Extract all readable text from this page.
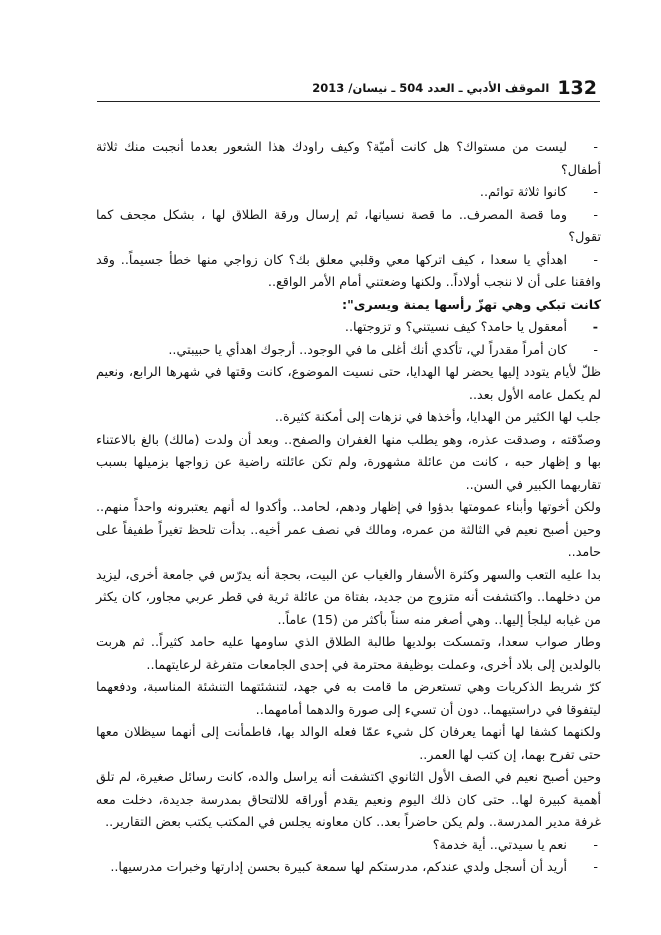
132
الموقف الأدبي ـ العدد 504 ـ نيسان/ 2013

-ليست من مستواك؟ هل كانت أميّة؟ وكيف راودك هذا الشعور بعدما أنجبت منك ثلاثة أطفال؟

-كانوا ثلاثة توائم..

-وما قصة المصرف.. ما قصة نسيانها، ثم إرسال ورقة الطلاق لها ، بشكل مجحف كما تقول؟

-اهدأي يا سعدا ، كيف اتركها معي وقلبي معلق بك؟ كان زواجي منها خطأ جسيماً.. وقد وافقنا على أن لا ننجب أولاداً.. ولكنها وضعتني أمام الأمر الواقع..

كانت تبكي وهي تهزّ رأسها يمنة ويسرى":

-أمعقول يا حامد؟ كيف نسيتني؟ و تزوجتها..

-كان أمراً مقدراً لي، تأكدي أنك أغلى ما في الوجود.. أرجوك اهدأي يا حبيبتي..

ظلّ لأيام يتودد إليها يحضر لها الهدايا، حتى نسيت الموضوع، كانت وقتها في شهرها الرابع، ونعيم لم يكمل عامه الأول بعد..

جلب لها الكثير من الهدايا، وأخذها في نزهات إلى أمكنة كثيرة..

وصدّقته ، وصدقت عذره، وهو يطلب منها الغفران والصفح.. وبعد أن ولدت (مالك) بالغ بالاعتناء بها و إظهار حبه ، كانت من عائلة مشهورة، ولم تكن عائلته راضية عن زواجها بزميلها بسبب تقاربهما الكبير في السن..

ولكن أخوتها وأبناء عمومتها بدؤوا في إظهار ودهم، لحامد.. وأكدوا له أنهم يعتبرونه واحداً منهم.. وحين أصبح نعيم في الثالثة من عمره، ومالك في نصف عمر أخيه.. بدأت تلحظ تغيراً طفيفاً على حامد..

بدا عليه التعب والسهر وكثرة الأسفار والغياب عن البيت، بحجة أنه يدرّس في جامعة أخرى، ليزيد من دخلهما.. واكتشفت أنه متزوج من جديد، بفتاة من عائلة ثرية في قطر عربي مجاور، كان يكثر من غيابه ليلجأ إليها.. وهي أصغر منه سناً بأكثر من (15) عاماً..

وطار صواب سعدا، وتمسكت بولديها طالبة الطلاق الذي ساومها عليه حامد كثيراً.. ثم هربت بالولدين إلى بلاد أخرى، وعملت بوظيفة محترمة في إحدى الجامعات متفرغة لرعايتهما..

كرّ شريط الذكريات وهي تستعرض ما قامت به في جهد، لتنشئتهما التنشئة المناسبة، ودفعهما ليتفوقا في دراستيهما.. دون أن تسيء إلى صورة والدهما أمامهما..

ولكنهما كشفا لها أنهما يعرفان كل شيء عمّا فعله الوالد بها، فاطمأنت إلى أنهما سيظلان معها حتى تفرح بهما، إن كتب لها العمر..

وحين أصبح نعيم في الصف الأول الثانوي اكتشفت أنه يراسل والده، كانت رسائل صغيرة، لم تلق أهمية كبيرة لها.. حتى كان ذلك اليوم ونعيم يقدم أوراقه للالتحاق بمدرسة جديدة، دخلت معه غرفة مدير المدرسة.. ولم يكن حاضراً بعد.. كان معاونه يجلس في المكتب يكتب بعض التقارير..

-نعم يا سيدتي.. أية خدمة؟

-أريد أن أسجل ولدي عندكم، مدرستكم لها سمعة كبيرة بحسن إدارتها وخبرات مدرسيها..
